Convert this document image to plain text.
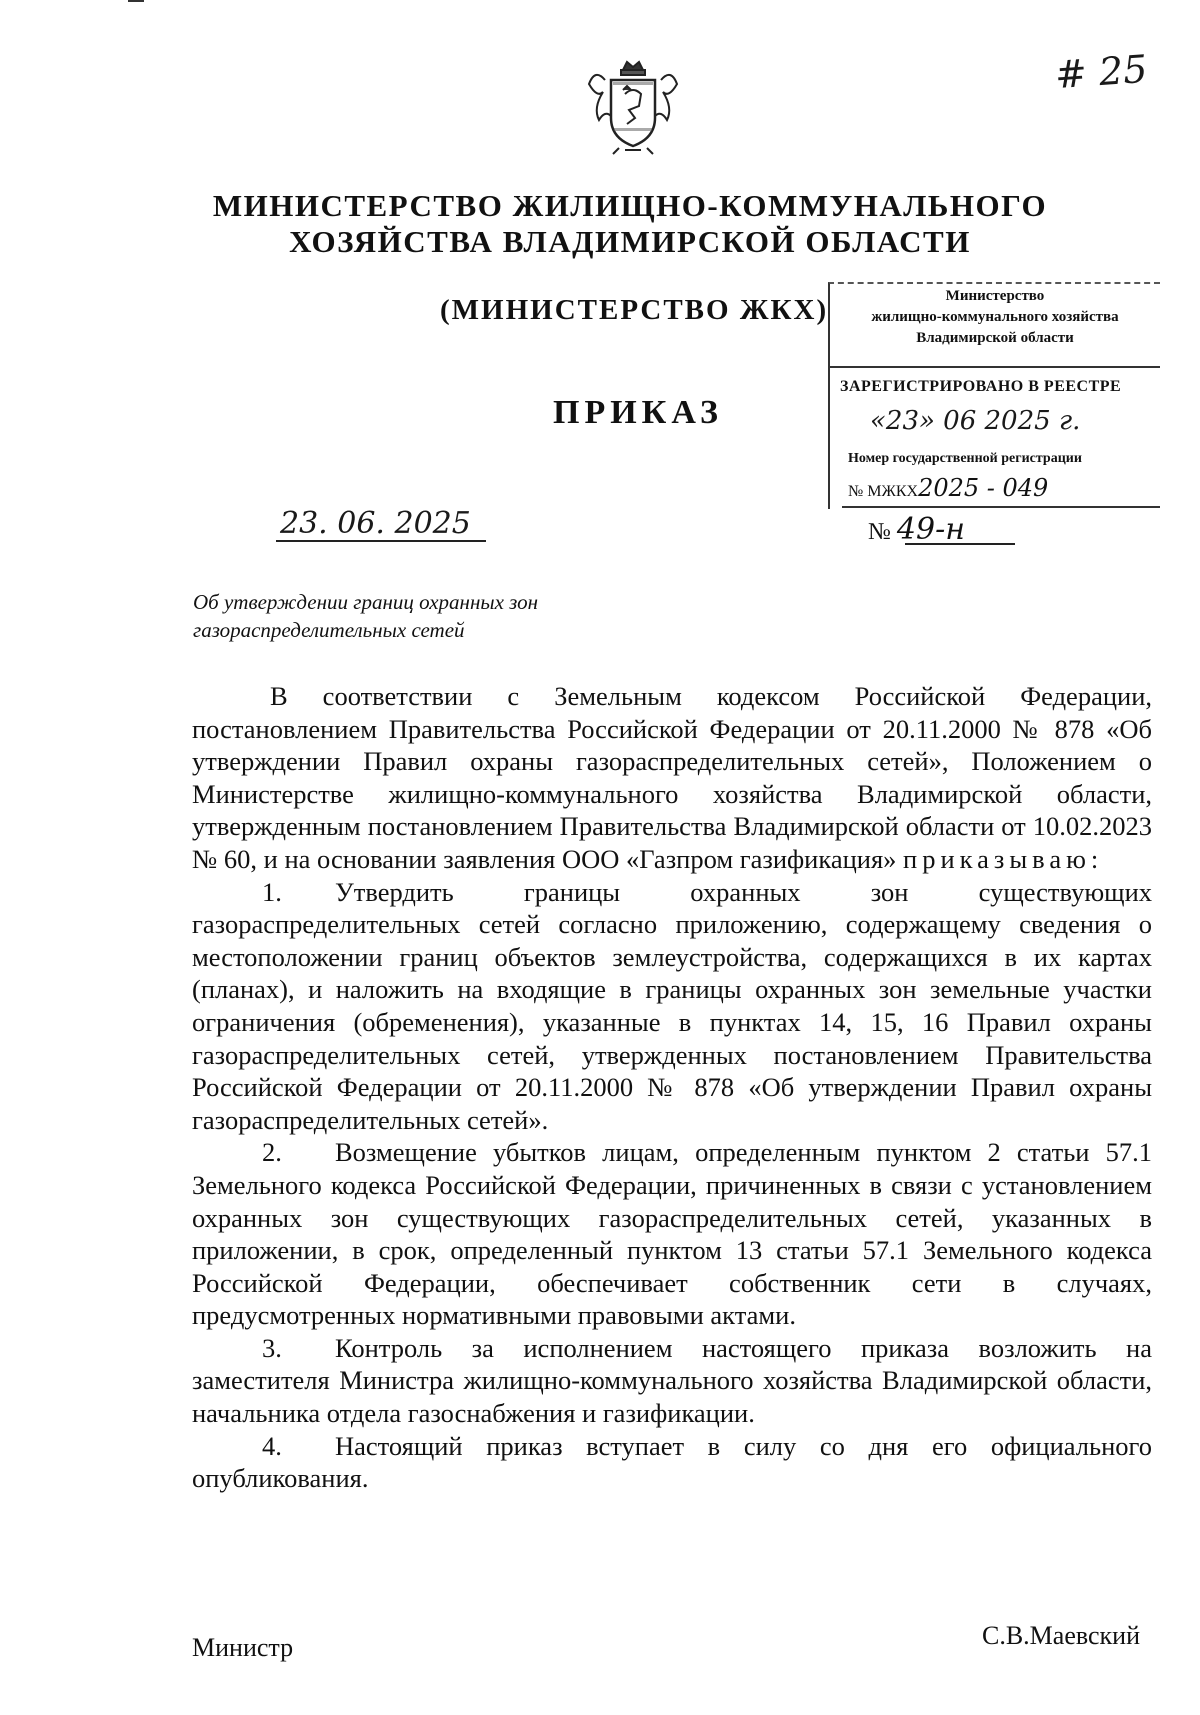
# 25
МИНИСТЕРСТВО ЖИЛИЩНО-КОММУНАЛЬНОГО
ХОЗЯЙСТВА ВЛАДИМИРСКОЙ ОБЛАСТИ
(МИНИСТЕРСТВО ЖКХ)
ПРИКАЗ
Министерство
жилищно-коммунального хозяйства
Владимирской области
ЗАРЕГИСТРИРОВАНО В РЕЕСТРЕ
«23» 06 2025 г.
Номер государственной регистрации
№ МЖКХ2025 - 049
23. 06. 2025	№ 49-н
Об утверждении границ охранных зон
газораспределительных сетей

В соответствии с Земельным кодексом Российской Федерации, постановлением Правительства Российской Федерации от 20.11.2000 № 878 «Об утверждении Правил охраны газораспределительных сетей», Положением о Министерстве жилищно-коммунального хозяйства Владимирской области, утвержденным постановлением Правительства Владимирской области от 10.02.2023 № 60, и на основании заявления ООО «Газпром газификация» приказываю:

1. Утвердить границы охранных зон существующих газораспределительных сетей согласно приложению, содержащему сведения о местоположении границ объектов землеустройства, содержащихся в их картах (планах), и наложить на входящие в границы охранных зон земельные участки ограничения (обременения), указанные в пунктах 14, 15, 16 Правил охраны газораспределительных сетей, утвержденных постановлением Правительства Российской Федерации от 20.11.2000 № 878 «Об утверждении Правил охраны газораспределительных сетей».

2. Возмещение убытков лицам, определенным пунктом 2 статьи 57.1 Земельного кодекса Российской Федерации, причиненных в связи с установлением охранных зон существующих газораспределительных сетей, указанных в приложении, в срок, определенный пунктом 13 статьи 57.1 Земельного кодекса Российской Федерации, обеспечивает собственник сети в случаях, предусмотренных нормативными правовыми актами.

3. Контроль за исполнением настоящего приказа возложить на заместителя Министра жилищно-коммунального хозяйства Владимирской области, начальника отдела газоснабжения и газификации.

4. Настоящий приказ вступает в силу со дня его официального опубликования.

Министр	С.В.Маевский
